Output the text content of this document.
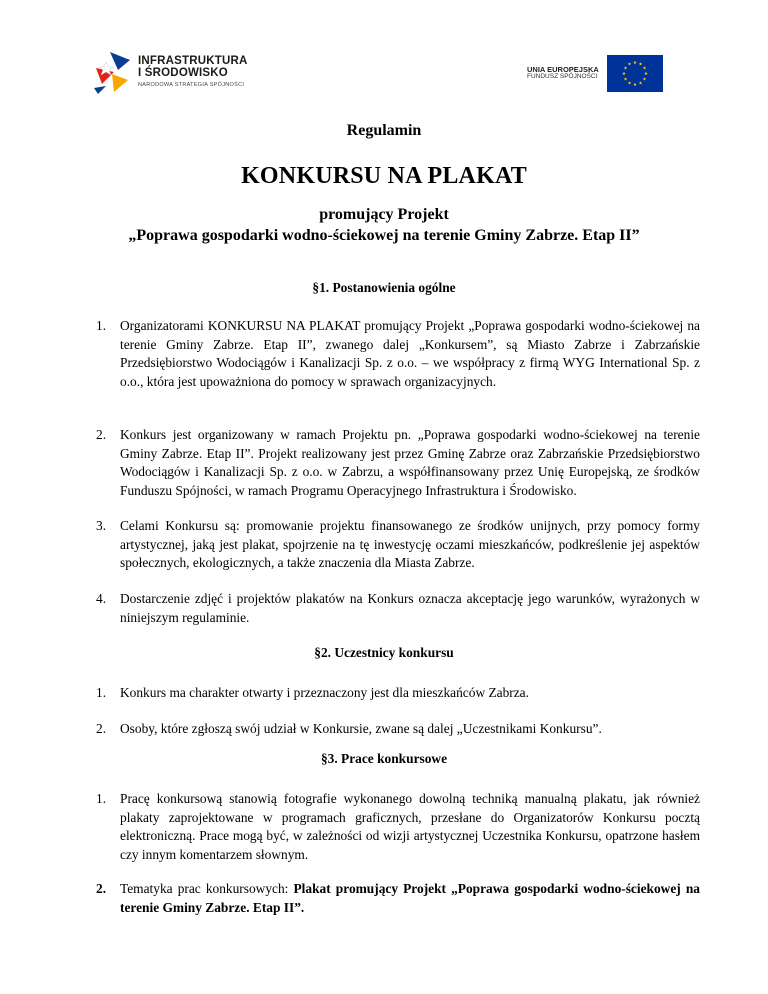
INFRASTRUKTURA
I ŚRODOWISKO
NARODOWA STRATEGIA SPÓJNOŚCI
UNIA EUROPEJSKA
FUNDUSZ SPÓJNOŚCI
Regulamin
KONKURSU NA PLAKAT
promujący Projekt
„Poprawa gospodarki wodno-ściekowej na terenie Gminy Zabrze. Etap II”
§1. Postanowienia ogólne
1. Organizatorami KONKURSU NA PLAKAT promujący Projekt „Poprawa gospodarki wodno-ściekowej na terenie Gminy Zabrze. Etap II”, zwanego dalej „Konkursem”, są Miasto Zabrze i Zabrzańskie Przedsiębiorstwo Wodociągów i Kanalizacji Sp. z o.o. – we współpracy z firmą WYG International Sp. z o.o., która jest upoważniona do pomocy w sprawach organizacyjnych.
2. Konkurs jest organizowany w ramach Projektu pn. „Poprawa gospodarki wodno-ściekowej na terenie Gminy Zabrze. Etap II”. Projekt realizowany jest przez Gminę Zabrze oraz Zabrzańskie Przedsiębiorstwo Wodociągów i Kanalizacji Sp. z o.o. w Zabrzu, a współfinansowany przez Unię Europejską, ze środków Funduszu Spójności, w ramach Programu Operacyjnego Infrastruktura i Środowisko.
3. Celami Konkursu są: promowanie projektu finansowanego ze środków unijnych, przy pomocy formy artystycznej, jaką jest plakat, spojrzenie na tę inwestycję oczami mieszkańców, podkreślenie jej aspektów społecznych, ekologicznych, a także znaczenia dla Miasta Zabrze.
4. Dostarczenie zdjęć i projektów plakatów na Konkurs oznacza akceptację jego warunków, wyrażonych w niniejszym regulaminie.
§2. Uczestnicy konkursu
1. Konkurs ma charakter otwarty i przeznaczony jest dla mieszkańców Zabrza.
2. Osoby, które zgłoszą swój udział w Konkursie, zwane są dalej „Uczestnikami Konkursu”.
§3. Prace konkursowe
1. Pracę konkursową stanowią fotografie wykonanego dowolną techniką manualną plakatu, jak również plakaty zaprojektowane w programach graficznych, przesłane do Organizatorów Konkursu pocztą elektroniczną. Prace mogą być, w zależności od wizji artystycznej Uczestnika Konkursu, opatrzone hasłem czy innym komentarzem słownym.
2. Tematyka prac konkursowych: Plakat promujący Projekt „Poprawa gospodarki wodno-ściekowej na terenie Gminy Zabrze. Etap II”.
